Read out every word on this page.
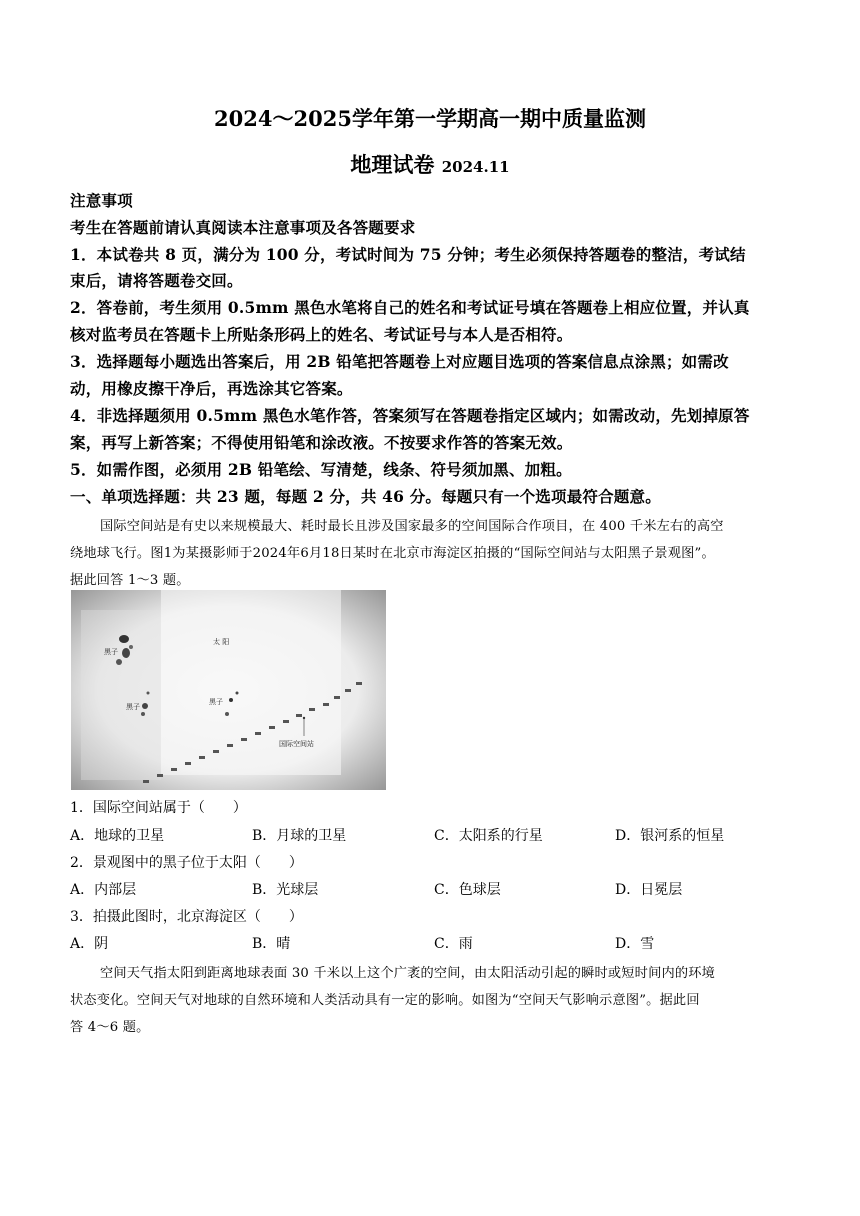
2024～2025学年第一学期高一期中质量监测
地理试卷 2024.11
注意事项
考生在答题前请认真阅读本注意事项及各答题要求
1．本试卷共 8 页，满分为 100 分，考试时间为 75 分钟；考生必须保持答题卷的整洁，考试结
束后，请将答题卷交回。
2．答卷前，考生须用 0.5mm 黑色水笔将自己的姓名和考试证号填在答题卷上相应位置，并认真
核对监考员在答题卡上所贴条形码上的姓名、考试证号与本人是否相符。
3．选择题每小题选出答案后，用 2B 铅笔把答题卷上对应题目选项的答案信息点涂黑；如需改
动，用橡皮擦干净后，再选涂其它答案。
4．非选择题须用 0.5mm 黑色水笔作答，答案须写在答题卷指定区域内；如需改动，先划掉原答
案，再写上新答案；不得使用铅笔和涂改液。不按要求作答的答案无效。
5．如需作图，必须用 2B 铅笔绘、写清楚，线条、符号须加黑、加粗。
一、单项选择题：共 23 题，每题 2 分，共 46 分。每题只有一个选项最符合题意。
国际空间站是有史以来规模最大、耗时最长且涉及国家最多的空间国际合作项目，在 400 千米左右的高空
绕地球飞行。图1为某摄影师于2024年6月18日某时在北京市海淀区拍摄的“国际空间站与太阳黑子景观图”。
据此回答 1～3 题。
太 阳
黑子
黑子
黑子
国际空间站
1．国际空间站属于（　　）
A．地球的卫星	B．月球的卫星	C．太阳系的行星	D．银河系的恒星
2．景观图中的黑子位于太阳（　　）
A．内部层	B．光球层	C．色球层	D．日冕层
3．拍摄此图时，北京海淀区（　　）
A．阴	B．晴	C．雨	D．雪
空间天气指太阳到距离地球表面 30 千米以上这个广袤的空间，由太阳活动引起的瞬时或短时间内的环境
状态变化。空间天气对地球的自然环境和人类活动具有一定的影响。如图为“空间天气影响示意图”。据此回
答 4～6 题。
